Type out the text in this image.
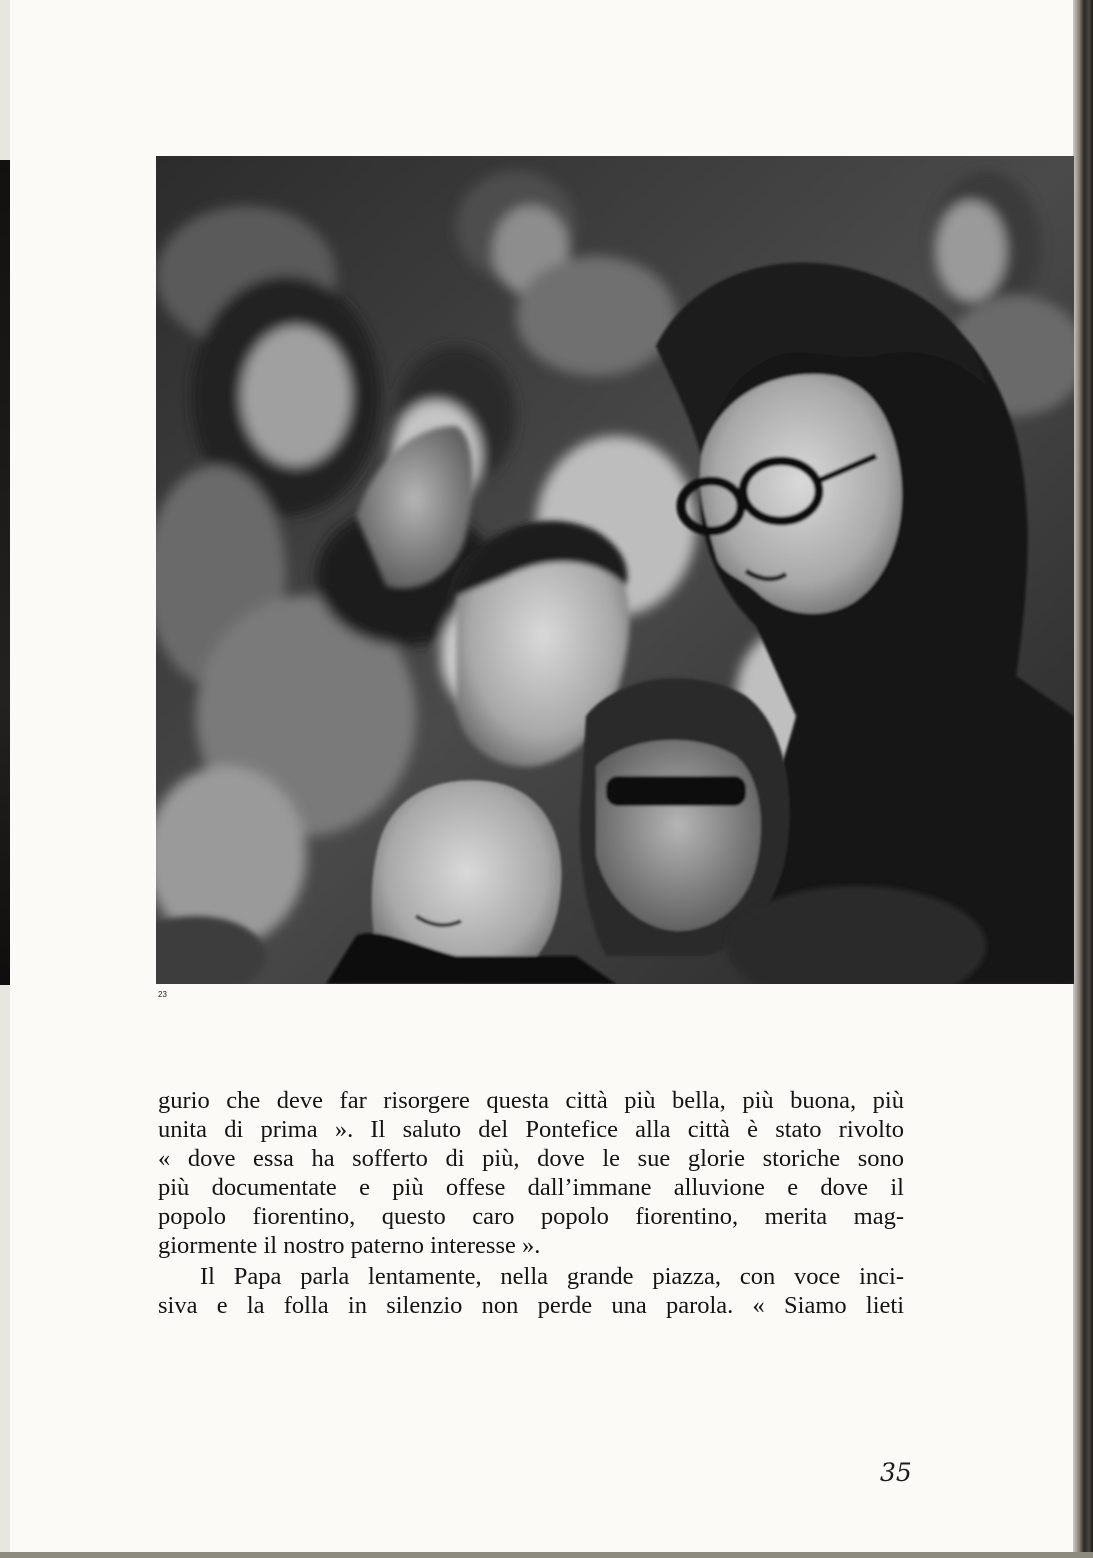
23
gurio che deve far risorgere questa città più bella, più buona, più
unita di prima ». Il saluto del Pontefice alla città è stato rivolto
« dove essa ha sofferto di più, dove le sue glorie storiche sono
più documentate e più offese dall’immane alluvione e dove il
popolo fiorentino, questo caro popolo fiorentino, merita mag-
giormente il nostro paterno interesse ».
Il Papa parla lentamente, nella grande piazza, con voce inci-
siva e la folla in silenzio non perde una parola. « Siamo lieti
35
